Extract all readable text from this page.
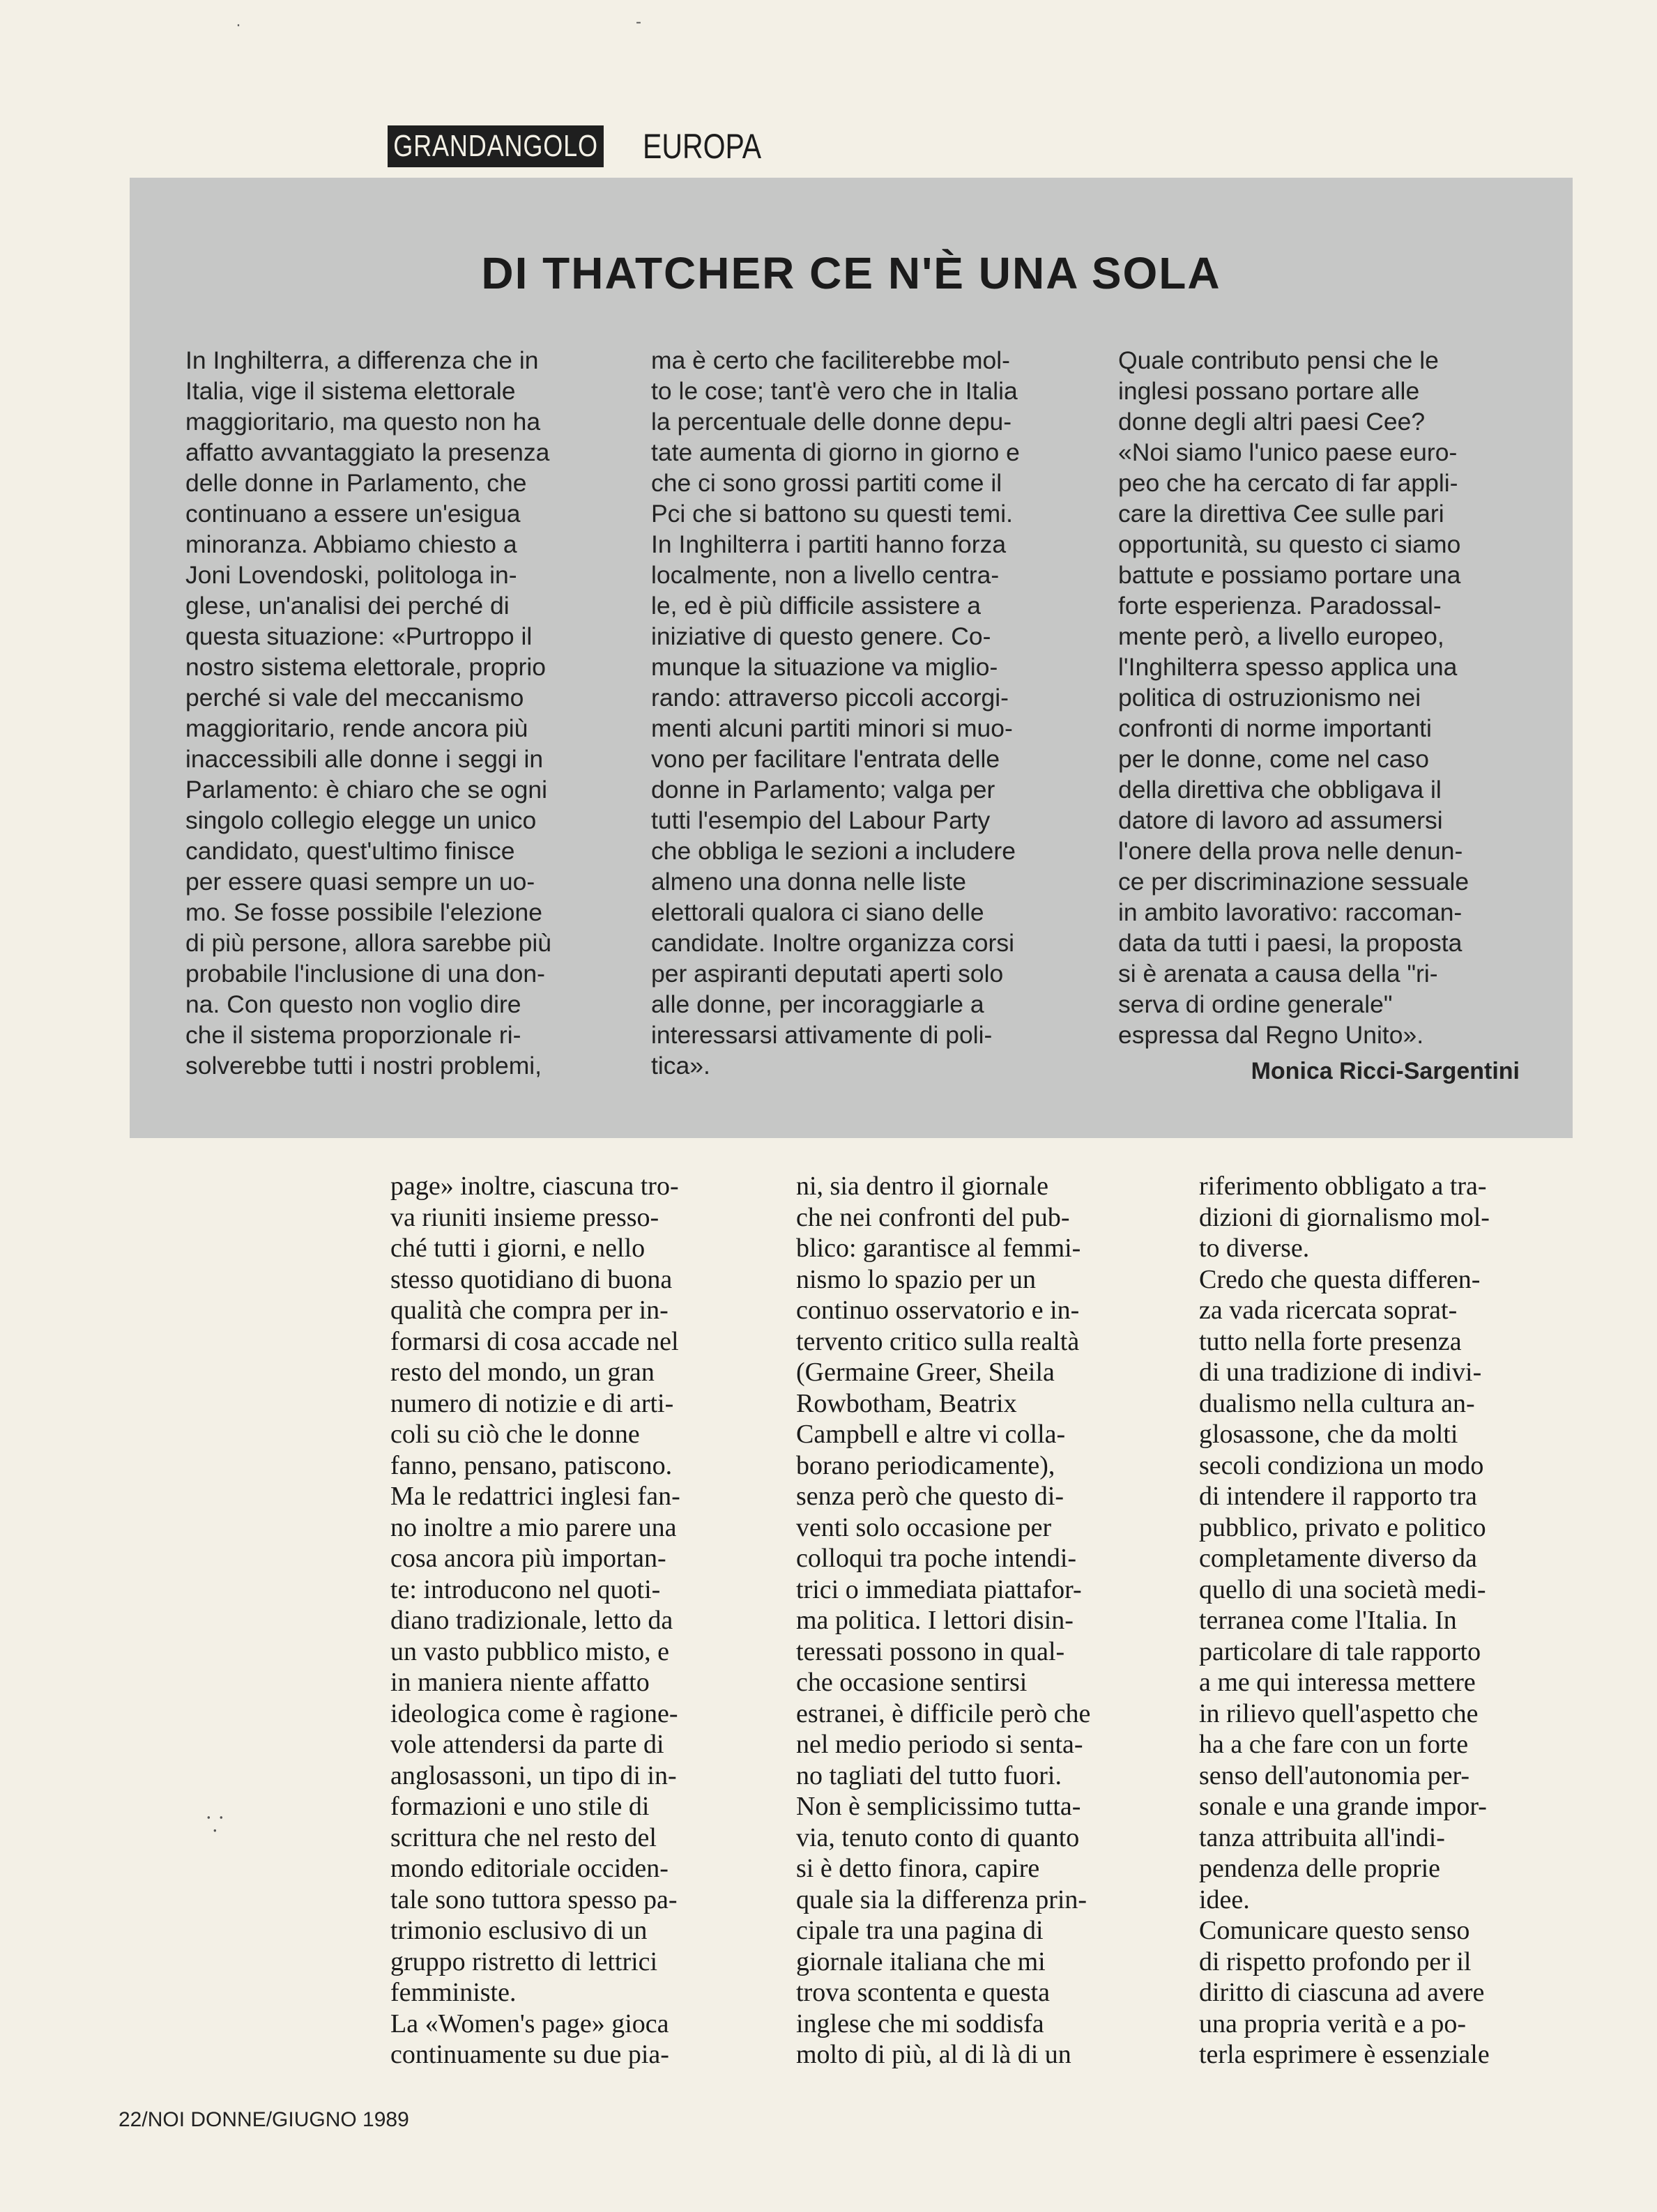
·	-
GRANDANGOLO EUROPA
DI THATCHER CE N'È UNA SOLA
In Inghilterra, a differenza che in
Italia, vige il sistema elettorale
maggioritario, ma questo non ha
affatto avvantaggiato la presenza
delle donne in Parlamento, che
continuano a essere un'esigua
minoranza. Abbiamo chiesto a
Joni Lovendoski, politologa in-
glese, un'analisi dei perché di
questa situazione: «Purtroppo il
nostro sistema elettorale, proprio
perché si vale del meccanismo
maggioritario, rende ancora più
inaccessibili alle donne i seggi in
Parlamento: è chiaro che se ogni
singolo collegio elegge un unico
candidato, quest'ultimo finisce
per essere quasi sempre un uo-
mo. Se fosse possibile l'elezione
di più persone, allora sarebbe più
probabile l'inclusione di una don-
na. Con questo non voglio dire
che il sistema proporzionale ri-
solverebbe tutti i nostri problemi,
ma è certo che faciliterebbe mol-
to le cose; tant'è vero che in Italia
la percentuale delle donne depu-
tate aumenta di giorno in giorno e
che ci sono grossi partiti come il
Pci che si battono su questi temi.
In Inghilterra i partiti hanno forza
localmente, non a livello centra-
le, ed è più difficile assistere a
iniziative di questo genere. Co-
munque la situazione va miglio-
rando: attraverso piccoli accorgi-
menti alcuni partiti minori si muo-
vono per facilitare l'entrata delle
donne in Parlamento; valga per
tutti l'esempio del Labour Party
che obbliga le sezioni a includere
almeno una donna nelle liste
elettorali qualora ci siano delle
candidate. Inoltre organizza corsi
per aspiranti deputati aperti solo
alle donne, per incoraggiarle a
interessarsi attivamente di poli-
tica».
Quale contributo pensi che le
inglesi possano portare alle
donne degli altri paesi Cee?
«Noi siamo l'unico paese euro-
peo che ha cercato di far appli-
care la direttiva Cee sulle pari
opportunità, su questo ci siamo
battute e possiamo portare una
forte esperienza. Paradossal-
mente però, a livello europeo,
l'Inghilterra spesso applica una
politica di ostruzionismo nei
confronti di norme importanti
per le donne, come nel caso
della direttiva che obbligava il
datore di lavoro ad assumersi
l'onere della prova nelle denun-
ce per discriminazione sessuale
in ambito lavorativo: raccoman-
data da tutti i paesi, la proposta
si è arenata a causa della "ri-
serva di ordine generale"
espressa dal Regno Unito».
Monica Ricci-Sargentini
page» inoltre, ciascuna tro-
va riuniti insieme presso-
ché tutti i giorni, e nello
stesso quotidiano di buona
qualità che compra per in-
formarsi di cosa accade nel
resto del mondo, un gran
numero di notizie e di arti-
coli su ciò che le donne
fanno, pensano, patiscono.
Ma le redattrici inglesi fan-
no inoltre a mio parere una
cosa ancora più importan-
te: introducono nel quoti-
diano tradizionale, letto da
un vasto pubblico misto, e
in maniera niente affatto
ideologica come è ragione-
vole attendersi da parte di
anglosassoni, un tipo di in-
formazioni e uno stile di
scrittura che nel resto del
mondo editoriale occiden-
tale sono tuttora spesso pa-
trimonio esclusivo di un
gruppo ristretto di lettrici
femministe.
La «Women's page» gioca
continuamente su due pia-
ni, sia dentro il giornale
che nei confronti del pub-
blico: garantisce al femmi-
nismo lo spazio per un
continuo osservatorio e in-
tervento critico sulla realtà
(Germaine Greer, Sheila
Rowbotham, Beatrix
Campbell e altre vi colla-
borano periodicamente),
senza però che questo di-
venti solo occasione per
colloqui tra poche intendi-
trici o immediata piattafor-
ma politica. I lettori disin-
teressati possono in qual-
che occasione sentirsi
estranei, è difficile però che
nel medio periodo si senta-
no tagliati del tutto fuori.
Non è semplicissimo tutta-
via, tenuto conto di quanto
si è detto finora, capire
quale sia la differenza prin-
cipale tra una pagina di
giornale italiana che mi
trova scontenta e questa
inglese che mi soddisfa
molto di più, al di là di un
riferimento obbligato a tra-
dizioni di giornalismo mol-
to diverse.
Credo che questa differen-
za vada ricercata soprat-
tutto nella forte presenza
di una tradizione di indivi-
dualismo nella cultura an-
glosassone, che da molti
secoli condiziona un modo
di intendere il rapporto tra
pubblico, privato e politico
completamente diverso da
quello di una società medi-
terranea come l'Italia. In
particolare di tale rapporto
a me qui interessa mettere
in rilievo quell'aspetto che
ha a che fare con un forte
senso dell'autonomia per-
sonale e una grande impor-
tanza attribuita all'indi-
pendenza delle proprie
idee.
Comunicare questo senso
di rispetto profondo per il
diritto di ciascuna ad avere
una propria verità e a po-
terla esprimere è essenziale
⸪
22/NOI DONNE/GIUGNO 1989
